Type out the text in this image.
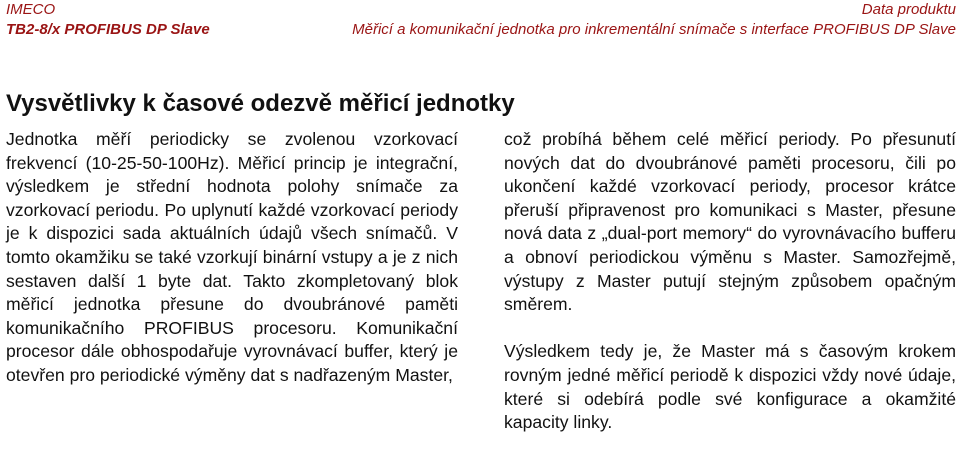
IMECO	Data produktu
TB2-8/x PROFIBUS DP Slave	Měřicí a komunikační jednotka pro inkrementální snímače s interface PROFIBUS DP Slave
Vysvětlivky k časové odezvě měřicí jednotky

Jednotka měří periodicky se zvolenou vzorkovací frekvencí (10-25-50-100Hz). Měřicí princip je integrační, výsledkem je střední hodnota polohy snímače za vzorkovací periodu. Po uplynutí každé vzorkovací periody je k dispozici sada aktuálních údajů všech snímačů. V tomto okamžiku se také vzorkují binární vstupy a je z nich sestaven další 1 byte dat. Takto zkompletovaný blok měřicí jednotka přesune do dvoubránové paměti komunikačního PROFIBUS procesoru. Komunikační procesor dále obhospodařuje vyrovnávací buffer, který je otevřen pro periodické výměny dat s nadřazeným Master,

což probíhá během celé měřicí periody. Po přesunutí nových dat do dvoubránové paměti procesoru, čili po ukončení každé vzorkovací periody, procesor krátce přeruší připravenost pro komunikaci s Master, přesune nová data z „dual-port memory“ do vyrovnávacího bufferu a obnoví periodickou výměnu s Master. Samozřejmě, výstupy z Master putují stejným způsobem opačným směrem.

Výsledkem tedy je, že Master má s časovým krokem rovným jedné měřicí periodě k dispozici vždy nové údaje, které si odebírá podle své konfigurace a okamžité kapacity linky.
